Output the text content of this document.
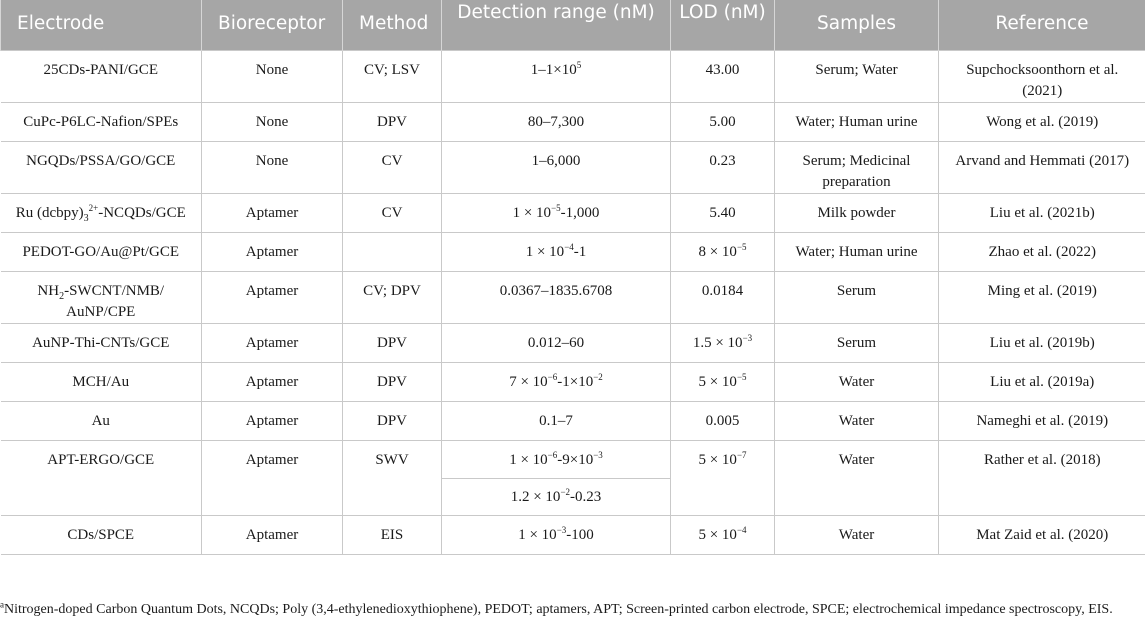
Electrode	Bioreceptor	Method	Detection range (nM)	LOD (nM)	Samples	Reference

25CDs-PANI/GCE	None	CV; LSV	$1-1\times 10^5$	43.00	Serum; Water	Supchocksoonthorn et al. (2021)
CuPc-P6LC-Nafion/SPEs	None	DPV	80–7,300	5.00	Water; Human urine	Wong et al. (2019)
NGQDs/PSSA/GO/GCE	None	CV	1–6,000	0.23	Serum; Medicinal preparation	Arvand and Hemmati (2017)
Ru $(dcbpy)_3^{2+}-NCQDs$/GCE	Aptamer	CV	$1 \times 10^{-5}-1,000$	5.40	Milk powder	Liu et al. (2021b)
PEDOT-GO/Au@Pt/GCE	Aptamer		$1 \times 10^{-4}-1$	$8 \times 10^{-5}$	Water; Human urine	Zhao et al. (2022)
$NH_2-SWCNT/NMB/$ AuNP/CPE	Aptamer	CV; DPV	0.0367–1835.6708	0.0184	Serum	Ming et al. (2019)
AuNP-Thi-CNTs/GCE	Aptamer	DPV	0.012–60	$1.5 \times 10^{-3}$	Serum	Liu et al. (2019b)
MCH/Au	Aptamer	DPV	$7 \times 10^{-6}-1\times 10^{-2}$	$5 \times 10^{-5}$	Water	Liu et al. (2019a)
Au	Aptamer	DPV	0.1–7	0.005	Water	Nameghi et al. (2019)
APT-ERGO/GCE	Aptamer	SWV	$1 \times 10^{-6}-9\times 10^{-3}$	$5 \times 10^{-7}$	Water	Rather et al. (2018)
			$1.2 \times 10^{-2}-0.23$			
CDs/SPCE	Aptamer	EIS	$1 \times 10^{-3}-100$	$5 \times 10^{-4}$	Water	Mat Zaid et al. (2020)
$^a$Nitrogen-doped Carbon Quantum Dots, NCQDs; Poly (3,4-ethylenedioxythiophene), PEDOT; aptamers, APT; Screen-printed carbon electrode, SPCE; electrochemical impedance spectroscopy, EIS.
